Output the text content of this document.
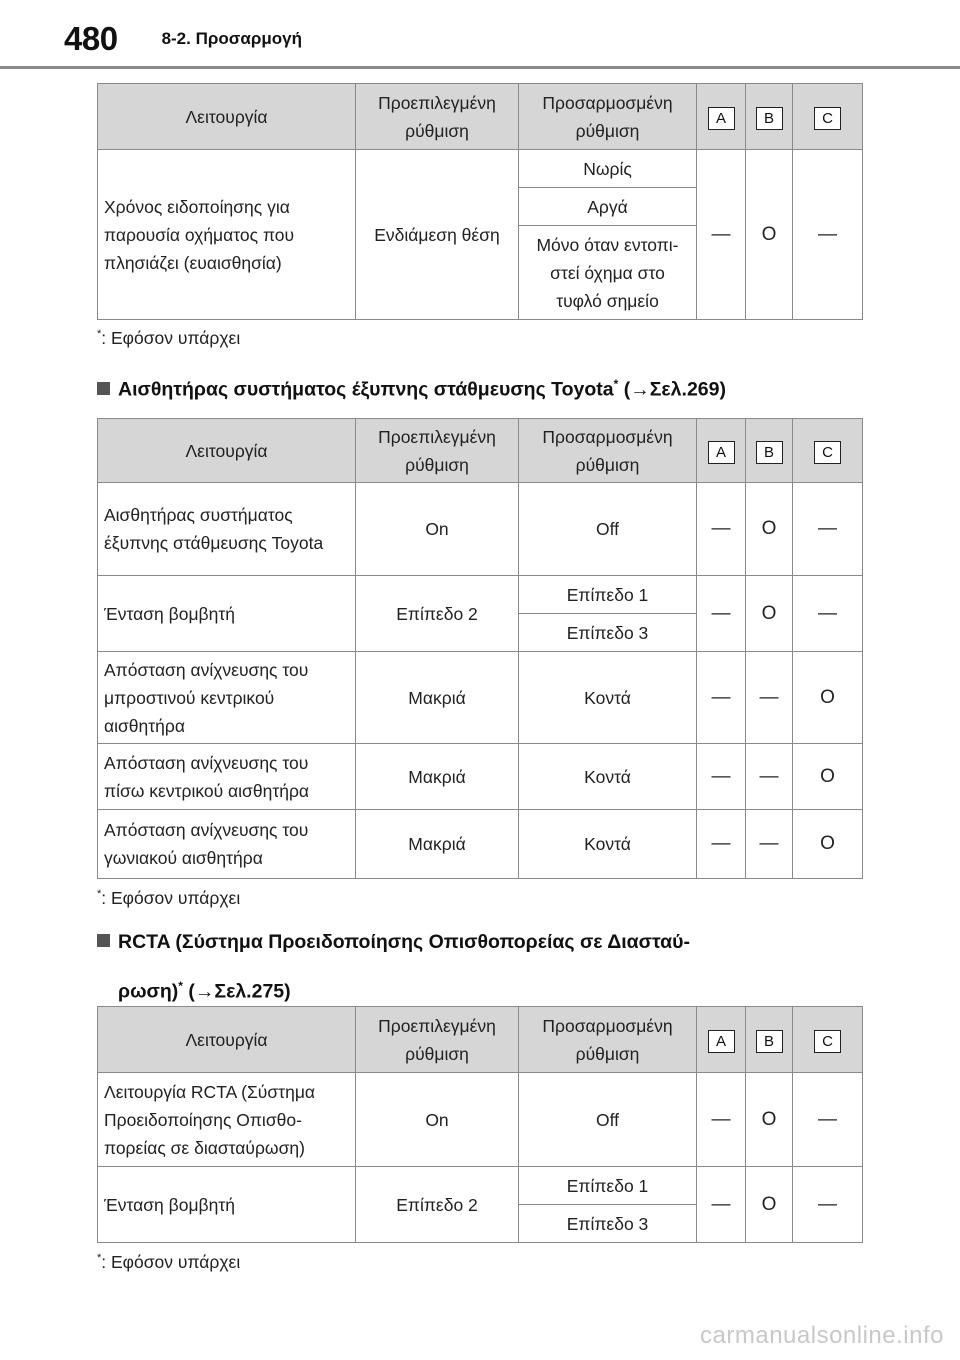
480	8-2. Προσαρμογή
Λειτουργία	Προεπιλεγμένη ρύθμιση	Προσαρμοσμένη ρύθμιση	A	B	C
Χρόνος ειδοποίησης για παρουσία οχήματος που πλησιάζει (ευαισθησία)	Ενδιάμεση θέση	Νωρίς	—	O	—
		Αργά			
		Μόνο όταν εντοπι-στεί όχημα στο τυφλό σημείο			
*: Εφόσον υπάρχει
Αισθητήρας συστήματος έξυπνης στάθμευσης Toyota* (→Σελ.269)
Λειτουργία	Προεπιλεγμένη ρύθμιση	Προσαρμοσμένη ρύθμιση	A	B	C
Αισθητήρας συστήματος έξυπνης στάθμευσης Toyota	On	Off	—	O	—
Ένταση βομβητή	Επίπεδο 2	Επίπεδο 1	—	O	—
		Επίπεδο 3			
Απόσταση ανίχνευσης του μπροστινού κεντρικού αισθητήρα	Μακριά	Κοντά	—	—	O
Απόσταση ανίχνευσης του πίσω κεντρικού αισθητήρα	Μακριά	Κοντά	—	—	O
Απόσταση ανίχνευσης του γωνιακού αισθητήρα	Μακριά	Κοντά	—	—	O
*: Εφόσον υπάρχει
RCTA (Σύστημα Προειδοποίησης Οπισθοπορείας σε Διασταύ-
ρωση)* (→Σελ.275)
Λειτουργία	Προεπιλεγμένη ρύθμιση	Προσαρμοσμένη ρύθμιση	A	B	C
Λειτουργία RCTA (Σύστημα Προειδοποίησης Οπισθο-πορείας σε διασταύρωση)	On	Off	—	O	—
Ένταση βομβητή	Επίπεδο 2	Επίπεδο 1	—	O	—
		Επίπεδο 3			
*: Εφόσον υπάρχει
carmanualsonline.info
